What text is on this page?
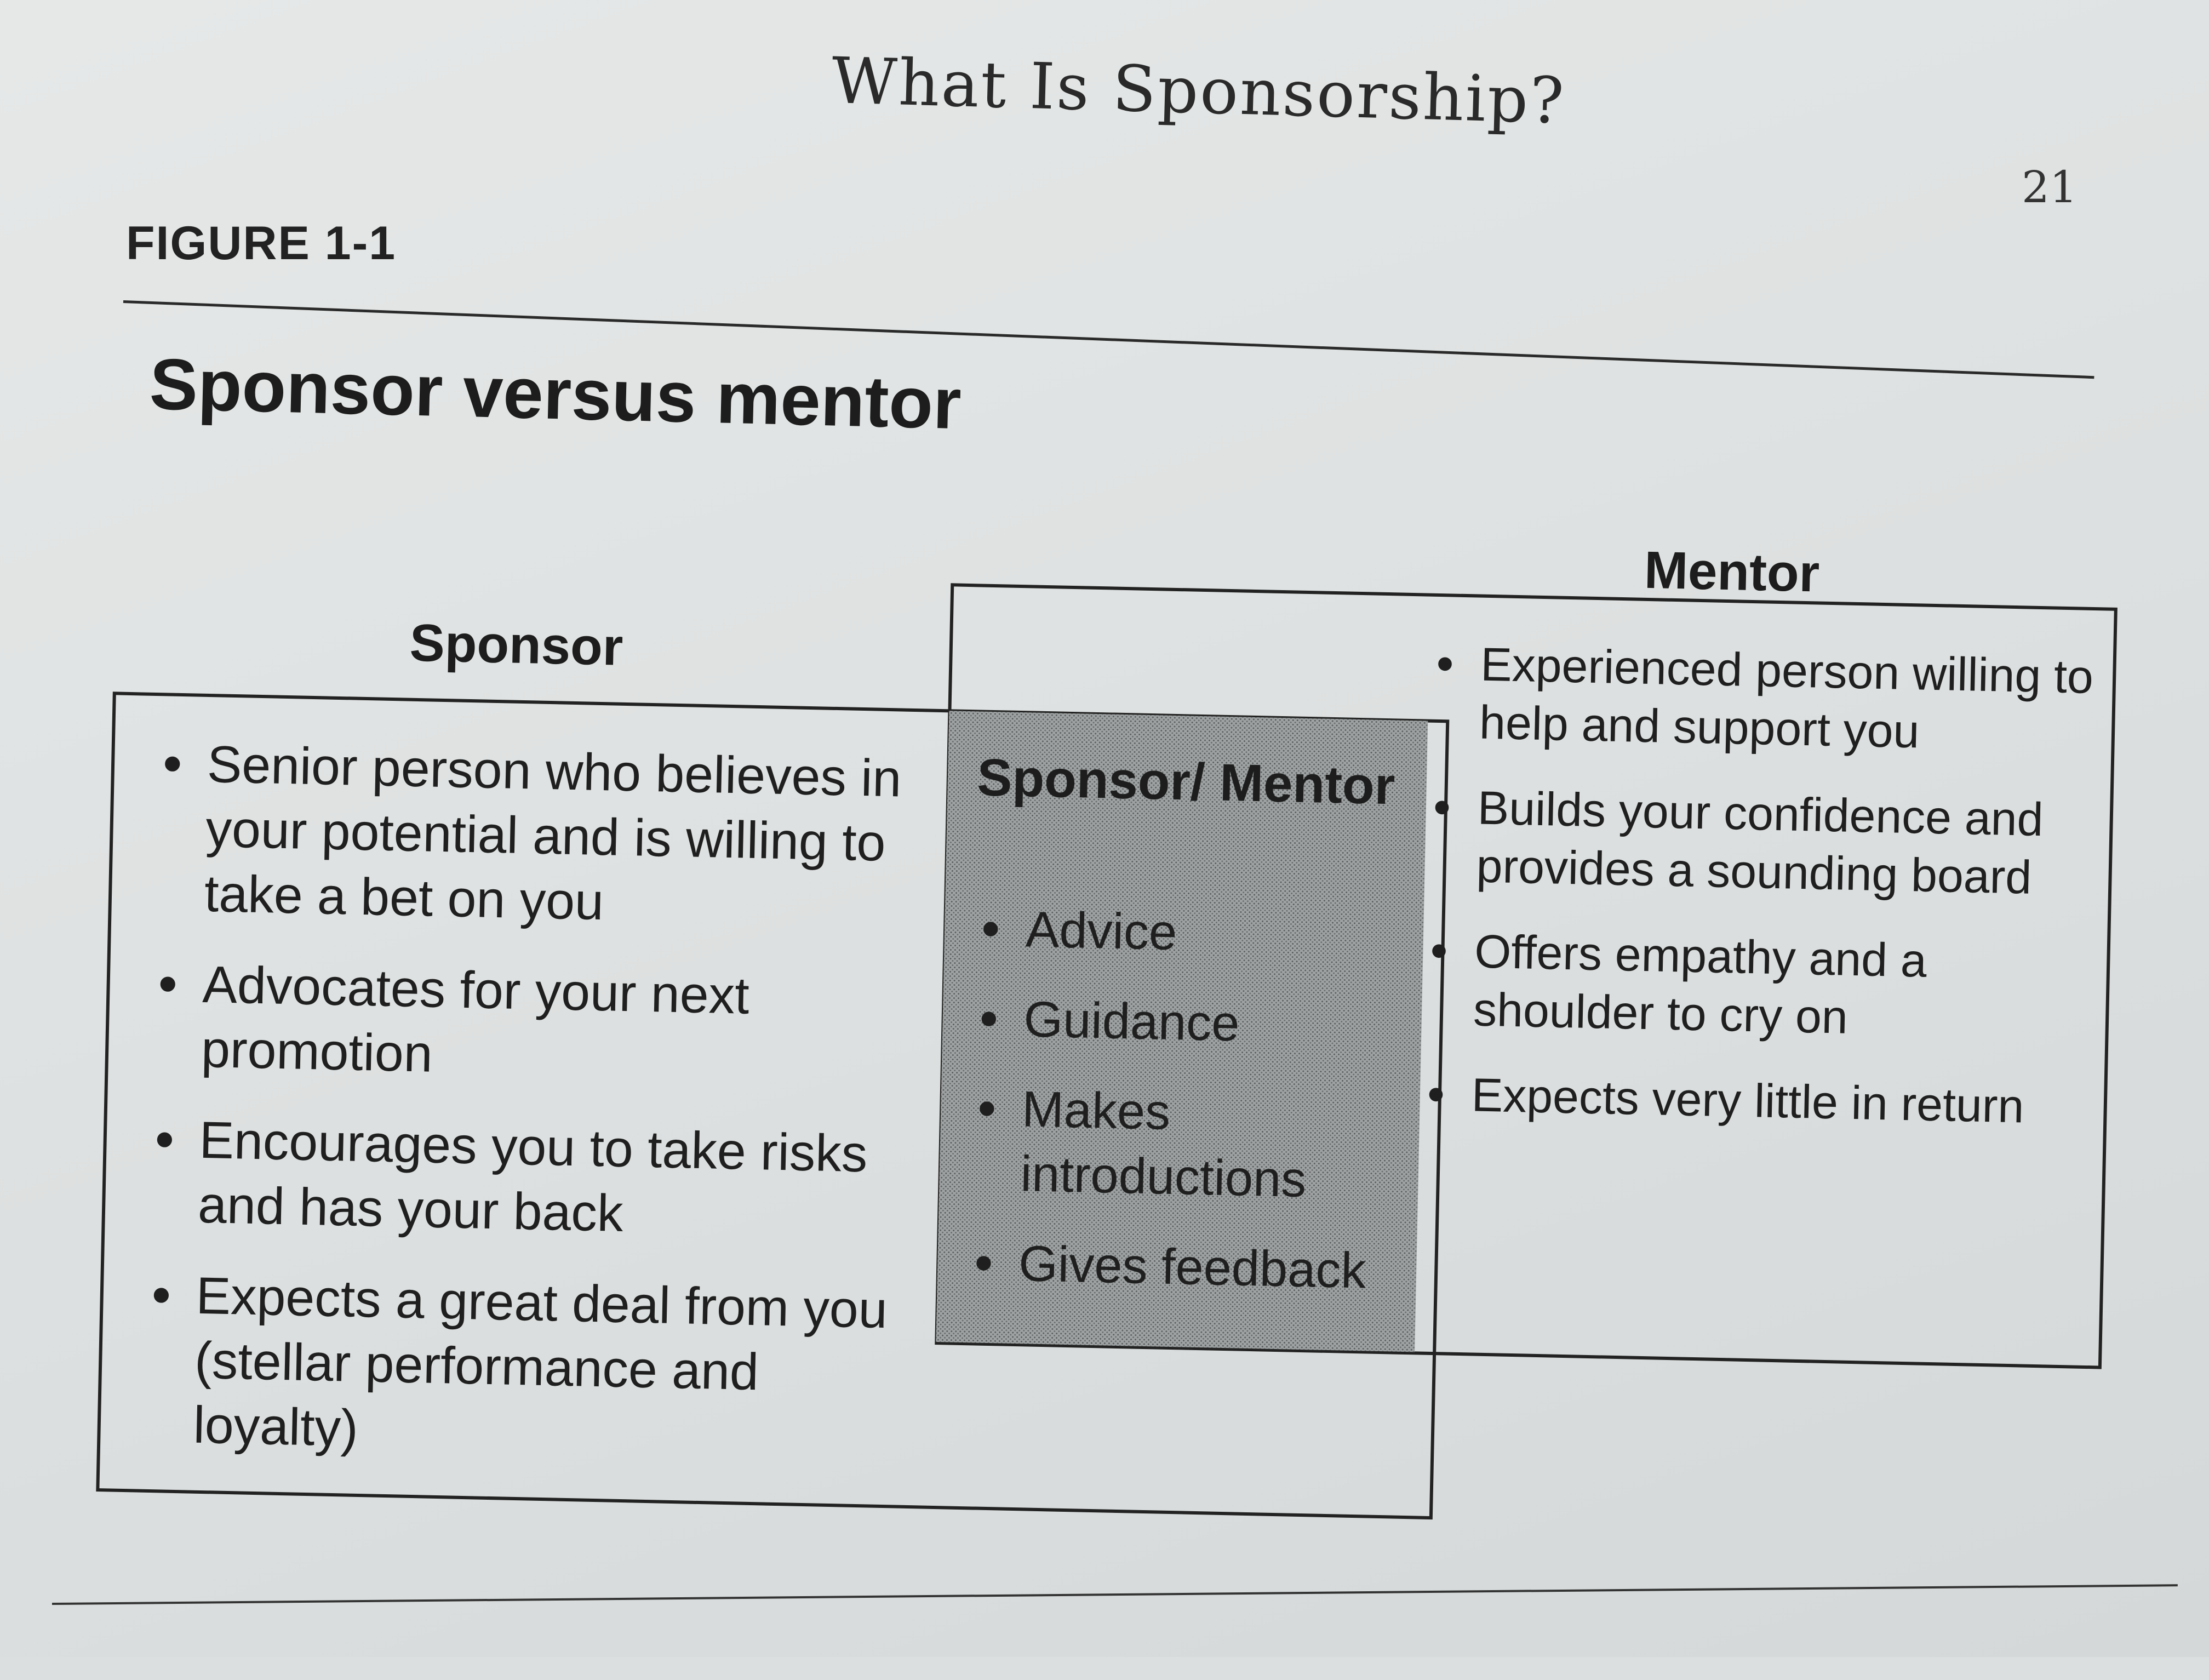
What Is Sponsorship?
21
FIGURE 1-1
Sponsor versus mentor
Sponsor
Mentor
Sponsor/ Mentor
• Senior person who believes in your potential and is willing to take a bet on you
• Advocates for your next promotion
• Encourages you to take risks and has your back
• Expects a great deal from you (stellar performance and loyalty)
• Advice
• Guidance
• Makes introductions
• Gives feedback
• Experienced person willing to help and support you
• Builds your confidence and provides a sounding board
• Offers empathy and a shoulder to cry on
• Expects very little in return
